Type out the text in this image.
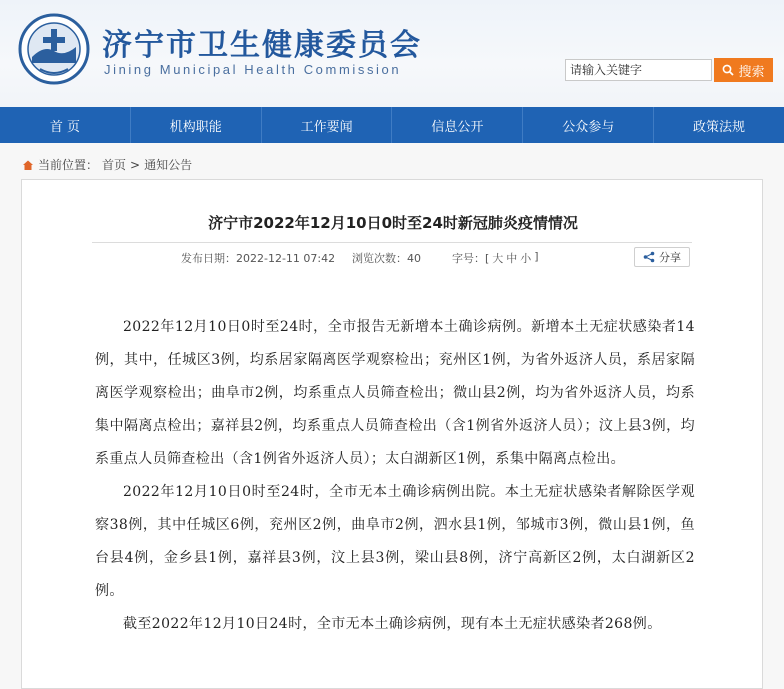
济宁市卫生健康委员会
Jining Municipal Health Commission
请输入关键字	搜索
首 页	机构职能	工作要闻	信息公开	公众参与	政策法规
当前位置： 首页 > 通知公告
济宁市2022年12月10日0时至24时新冠肺炎疫情情况
发布日期：2022-12-11 07:42 浏览次数：40	字号：[ 大 中 小 ]	分享

2022年12月10日0时至24时，全市报告无新增本土确诊病例。新增本土无症状感染者14例，其中，任城区3例，均系居家隔离医学观察检出；兖州区1例，为省外返济人员，系居家隔离医学观察检出；曲阜市2例，均系重点人员筛查检出；微山县2例，均为省外返济人员，均系集中隔离点检出；嘉祥县2例，均系重点人员筛查检出（含1例省外返济人员）；汶上县3例，均系重点人员筛查检出（含1例省外返济人员）；太白湖新区1例，系集中隔离点检出。

2022年12月10日0时至24时，全市无本土确诊病例出院。本土无症状感染者解除医学观察38例，其中任城区6例，兖州区2例，曲阜市2例，泗水县1例，邹城市3例，微山县1例，鱼台县4例，金乡县1例，嘉祥县3例，汶上县3例，梁山县8例，济宁高新区2例，太白湖新区2例。

截至2022年12月10日24时，全市无本土确诊病例，现有本土无症状感染者268例。
